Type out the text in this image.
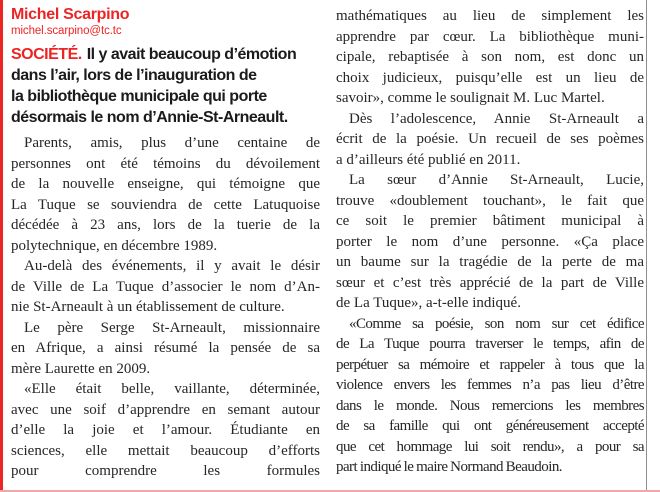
Michel Scarpino
michel.scarpino@tc.tc
SOCIÉTÉ. Il y avait beaucoup d’émotion
dans l’air, lors de l’inauguration de
la bibliothèque municipale qui porte
désormais le nom d’Annie-St-Arneault.
Parents, amis, plus d’une centaine de
personnes ont été témoins du dévoilement
de la nouvelle enseigne, qui témoigne que
La Tuque se souviendra de cette Latuquoise
décédée à 23 ans, lors de la tuerie de la
polytechnique, en décembre 1989.
Au-delà des événements, il y avait le désir
de Ville de La Tuque d’associer le nom d’An-
nie St-Arneault à un établissement de culture.
Le père Serge St-Arneault, missionnaire
en Afrique, a ainsi résumé la pensée de sa
mère Laurette en 2009.
«Elle était belle, vaillante, déterminée,
avec une soif d’apprendre en semant autour
d’elle la joie et l’amour. Étudiante en
sciences, elle mettait beaucoup d’efforts
pour comprendre les formules
mathématiques au lieu de simplement les
apprendre par cœur. La bibliothèque muni-
cipale, rebaptisée à son nom, est donc un
choix judicieux, puisqu’elle est un lieu de
savoir», comme le soulignait M. Luc Martel.
Dès l’adolescence, Annie St-Arneault a
écrit de la poésie. Un recueil de ses poèmes
a d’ailleurs été publié en 2011.
La sœur d’Annie St-Arneault, Lucie,
trouve «doublement touchant», le fait que
ce soit le premier bâtiment municipal à
porter le nom d’une personne. «Ça place
un baume sur la tragédie de la perte de ma
sœur et c’est très apprécié de la part de Ville
de La Tuque», a-t-elle indiqué.
«Comme sa poésie, son nom sur cet édifice
de La Tuque pourra traverser le temps, afin de
perpétuer sa mémoire et rappeler à tous que la
violence envers les femmes n’a pas lieu d’être
dans le monde. Nous remercions les membres
de sa famille qui ont généreusement accepté
que cet hommage lui soit rendu», a pour sa
part indiqué le maire Normand Beaudoin.
